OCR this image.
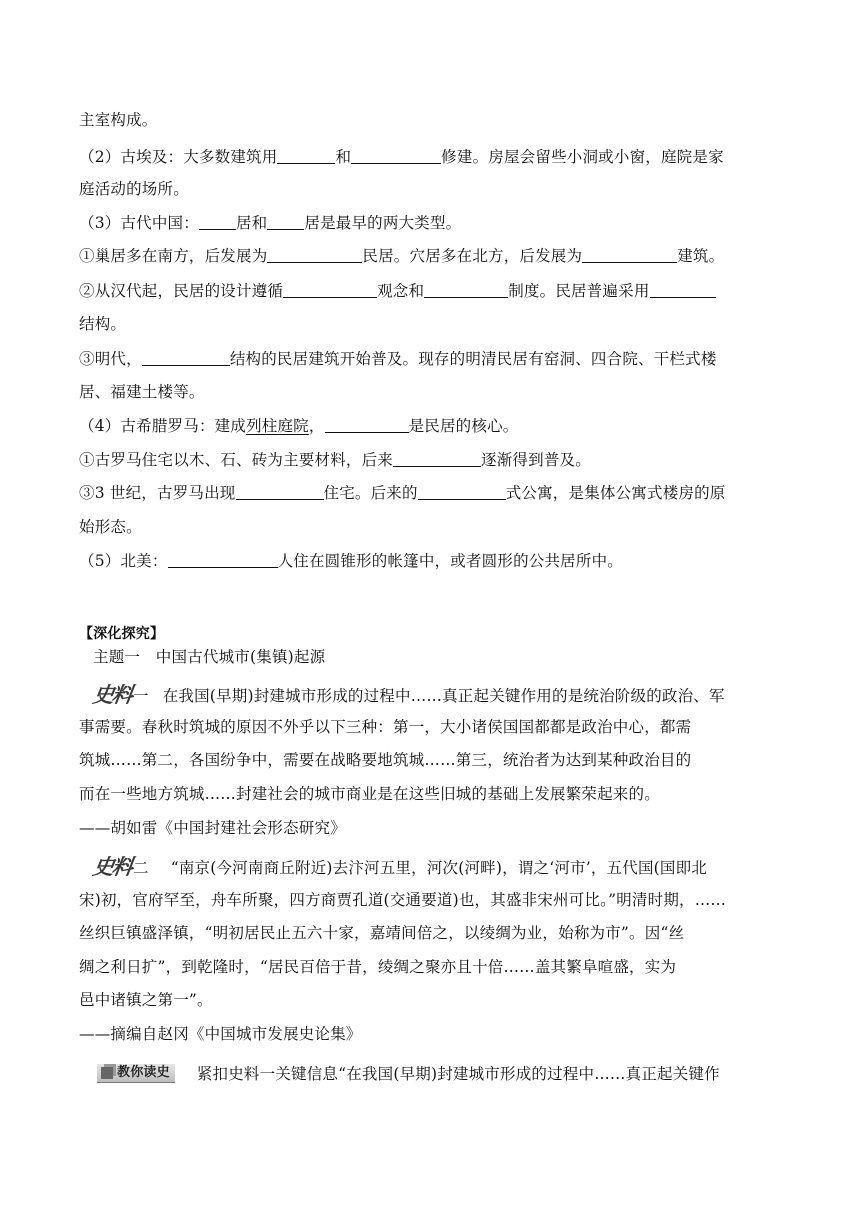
主室构成。
（2）古埃及：大多数建筑用	和	修建。房屋会留些小洞或小窗，庭院是家
庭活动的场所。
（3）古代中国： 居和 居是最早的两大类型。
①巢居多在南方，后发展为	民居。穴居多在北方，后发展为	建筑。
②从汉代起，民居的设计遵循	观念和	制度。民居普遍采用
结构。
③明代，	结构的民居建筑开始普及。现存的明清民居有窑洞、四合院、干栏式楼
居、福建土楼等。
（4）古希腊罗马：建成列柱庭院，	是民居的核心。
①古罗马住宅以木、石、砖为主要材料，后来	逐渐得到普及。
③3 世纪，古罗马出现	住宅。后来的	式公寓，是集体公寓式楼房的原
始形态。
（5）北美：	人住在圆锥形的帐篷中，或者圆形的公共居所中。
【深化探究】
主题一　中国古代城市(集镇)起源
史料一 在我国(早期)封建城市形成的过程中……真正起关键作用的是统治阶级的政治、军
事需要。春秋时筑城的原因不外乎以下三种：第一，大小诸侯国国都都是政治中心，都需
筑城……第二，各国纷争中，需要在战略要地筑城……第三，统治者为达到某种政治目的
而在一些地方筑城……封建社会的城市商业是在这些旧城的基础上发展繁荣起来的。
——胡如雷《中国封建社会形态研究》
史料二 “南京(今河南商丘附近)去汴河五里，河次(河畔)，谓之‘河市’，五代国(国即北
宋)初，官府罕至，舟车所聚，四方商贾孔道(交通要道)也，其盛非宋州可比。”明清时期，……
丝织巨镇盛泽镇，“明初居民止五六十家，嘉靖间倍之，以绫绸为业，始称为市”。因“丝
绸之利日扩”，到乾隆时，“居民百倍于昔，绫绸之聚亦且十倍……盖其繁阜喧盛，实为
邑中诸镇之第一”。
——摘编自赵冈《中国城市发展史论集》
教你读史 紧扣史料一关键信息“在我国(早期)封建城市形成的过程中……真正起关键作
